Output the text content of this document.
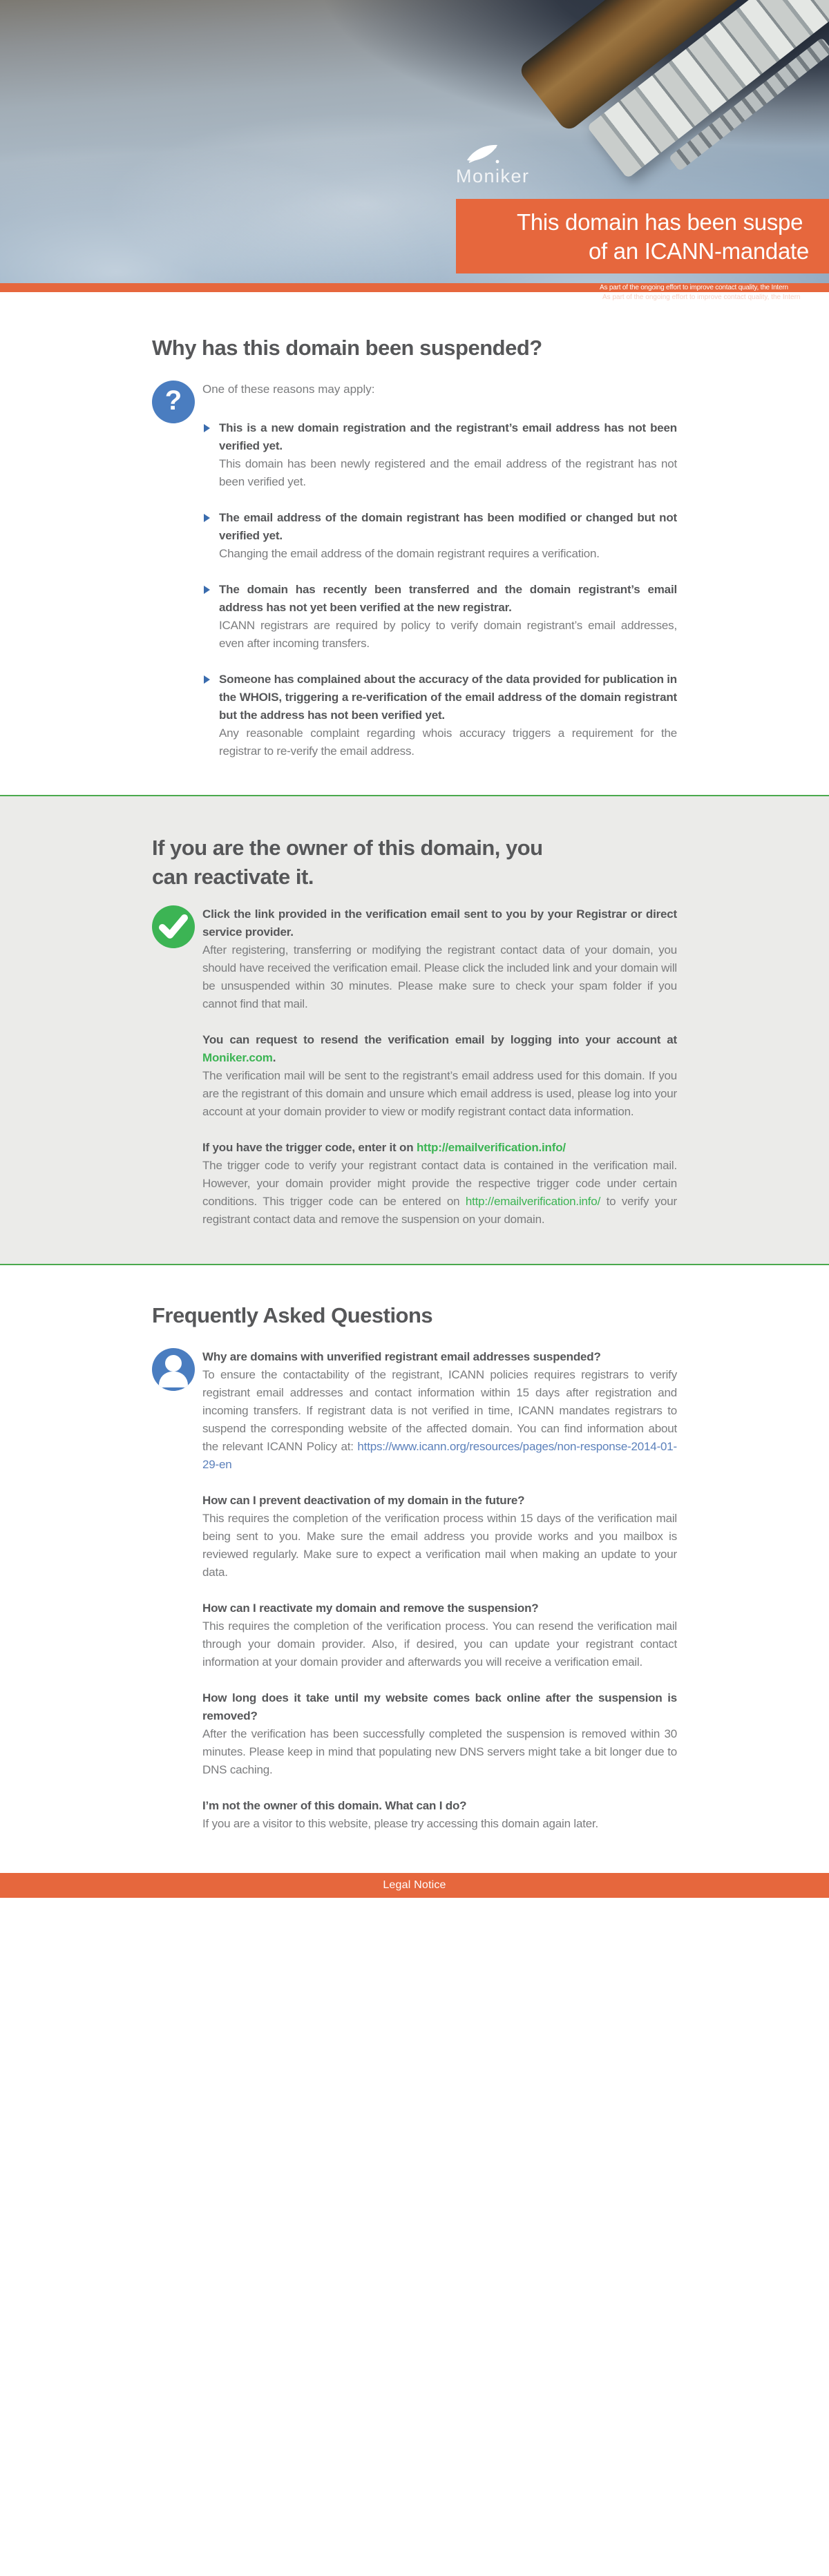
Moniker
This domain has been suspe
of an ICANN-mandate
As part of the ongoing effort to improve contact quality, the Intern
As part of the ongoing effort to improve contact quality, the Intern
Why has this domain been suspended?
? One of these reasons may apply:

This is a new domain registration and the registrant’s email address has not been verified yet.

This domain has been newly registered and the email address of the registrant has not been verified yet.

The email address of the domain registrant has been modified or changed but not verified yet.

Changing the email address of the domain registrant requires a verification.

The domain has recently been transferred and the domain registrant’s email address has not yet been verified at the new registrar.

ICANN registrars are required by policy to verify domain registrant’s email addresses, even after incoming transfers.

Someone has complained about the accuracy of the data provided for publication in the WHOIS, triggering a re-verification of the email address of the domain registrant but the address has not been verified yet.

Any reasonable complaint regarding whois accuracy triggers a requirement for the registrar to re-verify the email address.

If you are the owner of this domain, you
can reactivate it.

Click the link provided in the verification email sent to you by your Registrar or direct service provider.

After registering, transferring or modifying the registrant contact data of your domain, you should have received the verification email. Please click the included link and your domain will be unsuspended within 30 minutes. Please make sure to check your spam folder if you cannot find that mail.

You can request to resend the verification email by logging into your account at Moniker.com.

The verification mail will be sent to the registrant’s email address used for this domain. If you are the registrant of this domain and unsure which email address is used, please log into your account at your domain provider to view or modify registrant contact data information.

If you have the trigger code, enter it on http://emailverification.info/

The trigger code to verify your registrant contact data is contained in the verification mail. However, your domain provider might provide the respective trigger code under certain conditions. This trigger code can be entered on http://emailverification.info/ to verify your registrant contact data and remove the suspension on your domain.

Frequently Asked Questions

Why are domains with unverified registrant email addresses suspended?

To ensure the contactability of the registrant, ICANN policies requires registrars to verify registrant email addresses and contact information within 15 days after registration and incoming transfers. If registrant data is not verified in time, ICANN mandates registrars to suspend the corresponding website of the affected domain. You can find information about the relevant ICANN Policy at: https://www.icann.org/resources/pages/non-response-2014-01-29-en

How can I prevent deactivation of my domain in the future?

This requires the completion of the verification process within 15 days of the verification mail being sent to you. Make sure the email address you provide works and you mailbox is reviewed regularly. Make sure to expect a verification mail when making an update to your data.

How can I reactivate my domain and remove the suspension?

This requires the completion of the verification process. You can resend the verification mail through your domain provider. Also, if desired, you can update your registrant contact information at your domain provider and afterwards you will receive a verification email.

How long does it take until my website comes back online after the suspension is removed?

After the verification has been successfully completed the suspension is removed within 30 minutes. Please keep in mind that populating new DNS servers might take a bit longer due to DNS caching.

I’m not the owner of this domain. What can I do?

If you are a visitor to this website, please try accessing this domain again later.

Legal Notice
